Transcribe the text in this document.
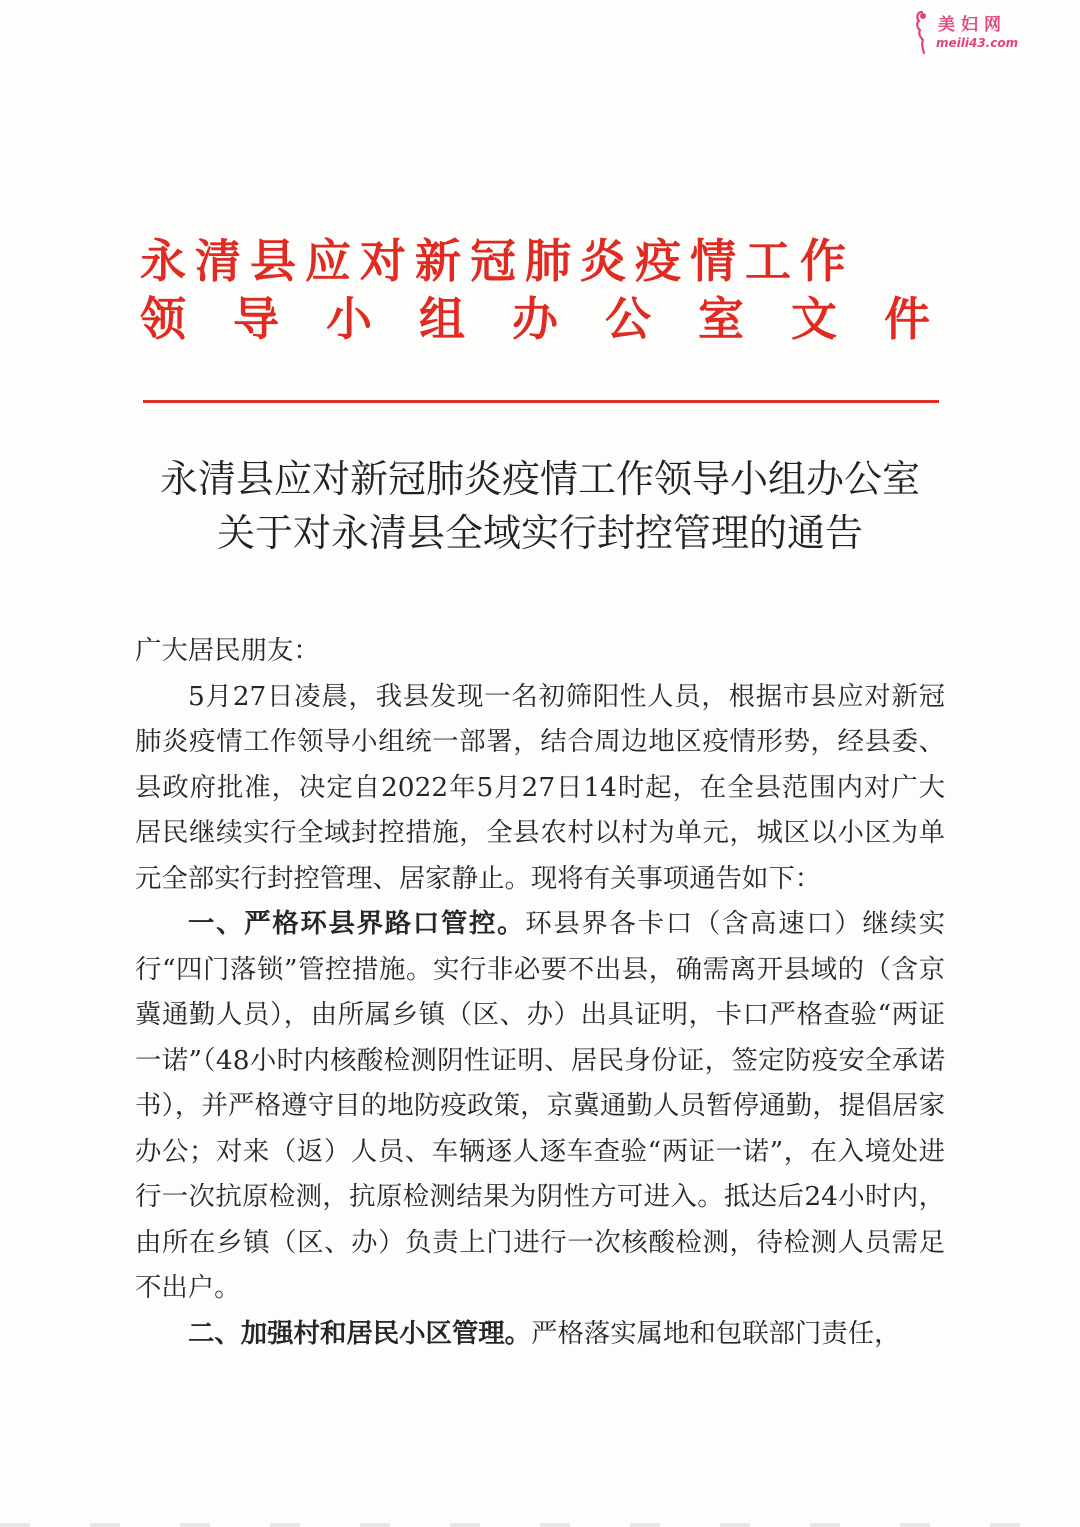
美妇网
meili43.com
永清县应对新冠肺炎疫情工作
领 导 小 组 办 公 室 文 件
永清县应对新冠肺炎疫情工作领导小组办公室
关于对永清县全域实行封控管理的通告

广大居民朋友：

5月27日凌晨，我县发现一名初筛阳性人员，根据市县应对新冠肺炎疫情工作领导小组统一部署，结合周边地区疫情形势，经县委、县政府批准，决定自2022年5月27日14时起，在全县范围内对广大居民继续实行全域封控措施，全县农村以村为单元，城区以小区为单元全部实行封控管理、居家静止。现将有关事项通告如下：

一、严格环县界路口管控。环县界各卡口（含高速口）继续实行“四门落锁”管控措施。实行非必要不出县，确需离开县域的（含京冀通勤人员），由所属乡镇（区、办）出具证明，卡口严格查验“两证一诺”（48小时内核酸检测阴性证明、居民身份证，签定防疫安全承诺书），并严格遵守目的地防疫政策，京冀通勤人员暂停通勤，提倡居家办公；对来（返）人员、车辆逐人逐车查验“两证一诺”，在入境处进行一次抗原检测，抗原检测结果为阴性方可进入。抵达后24小时内，由所在乡镇（区、办）负责上门进行一次核酸检测，待检测人员需足不出户。

二、加强村和居民小区管理。严格落实属地和包联部门责任，
